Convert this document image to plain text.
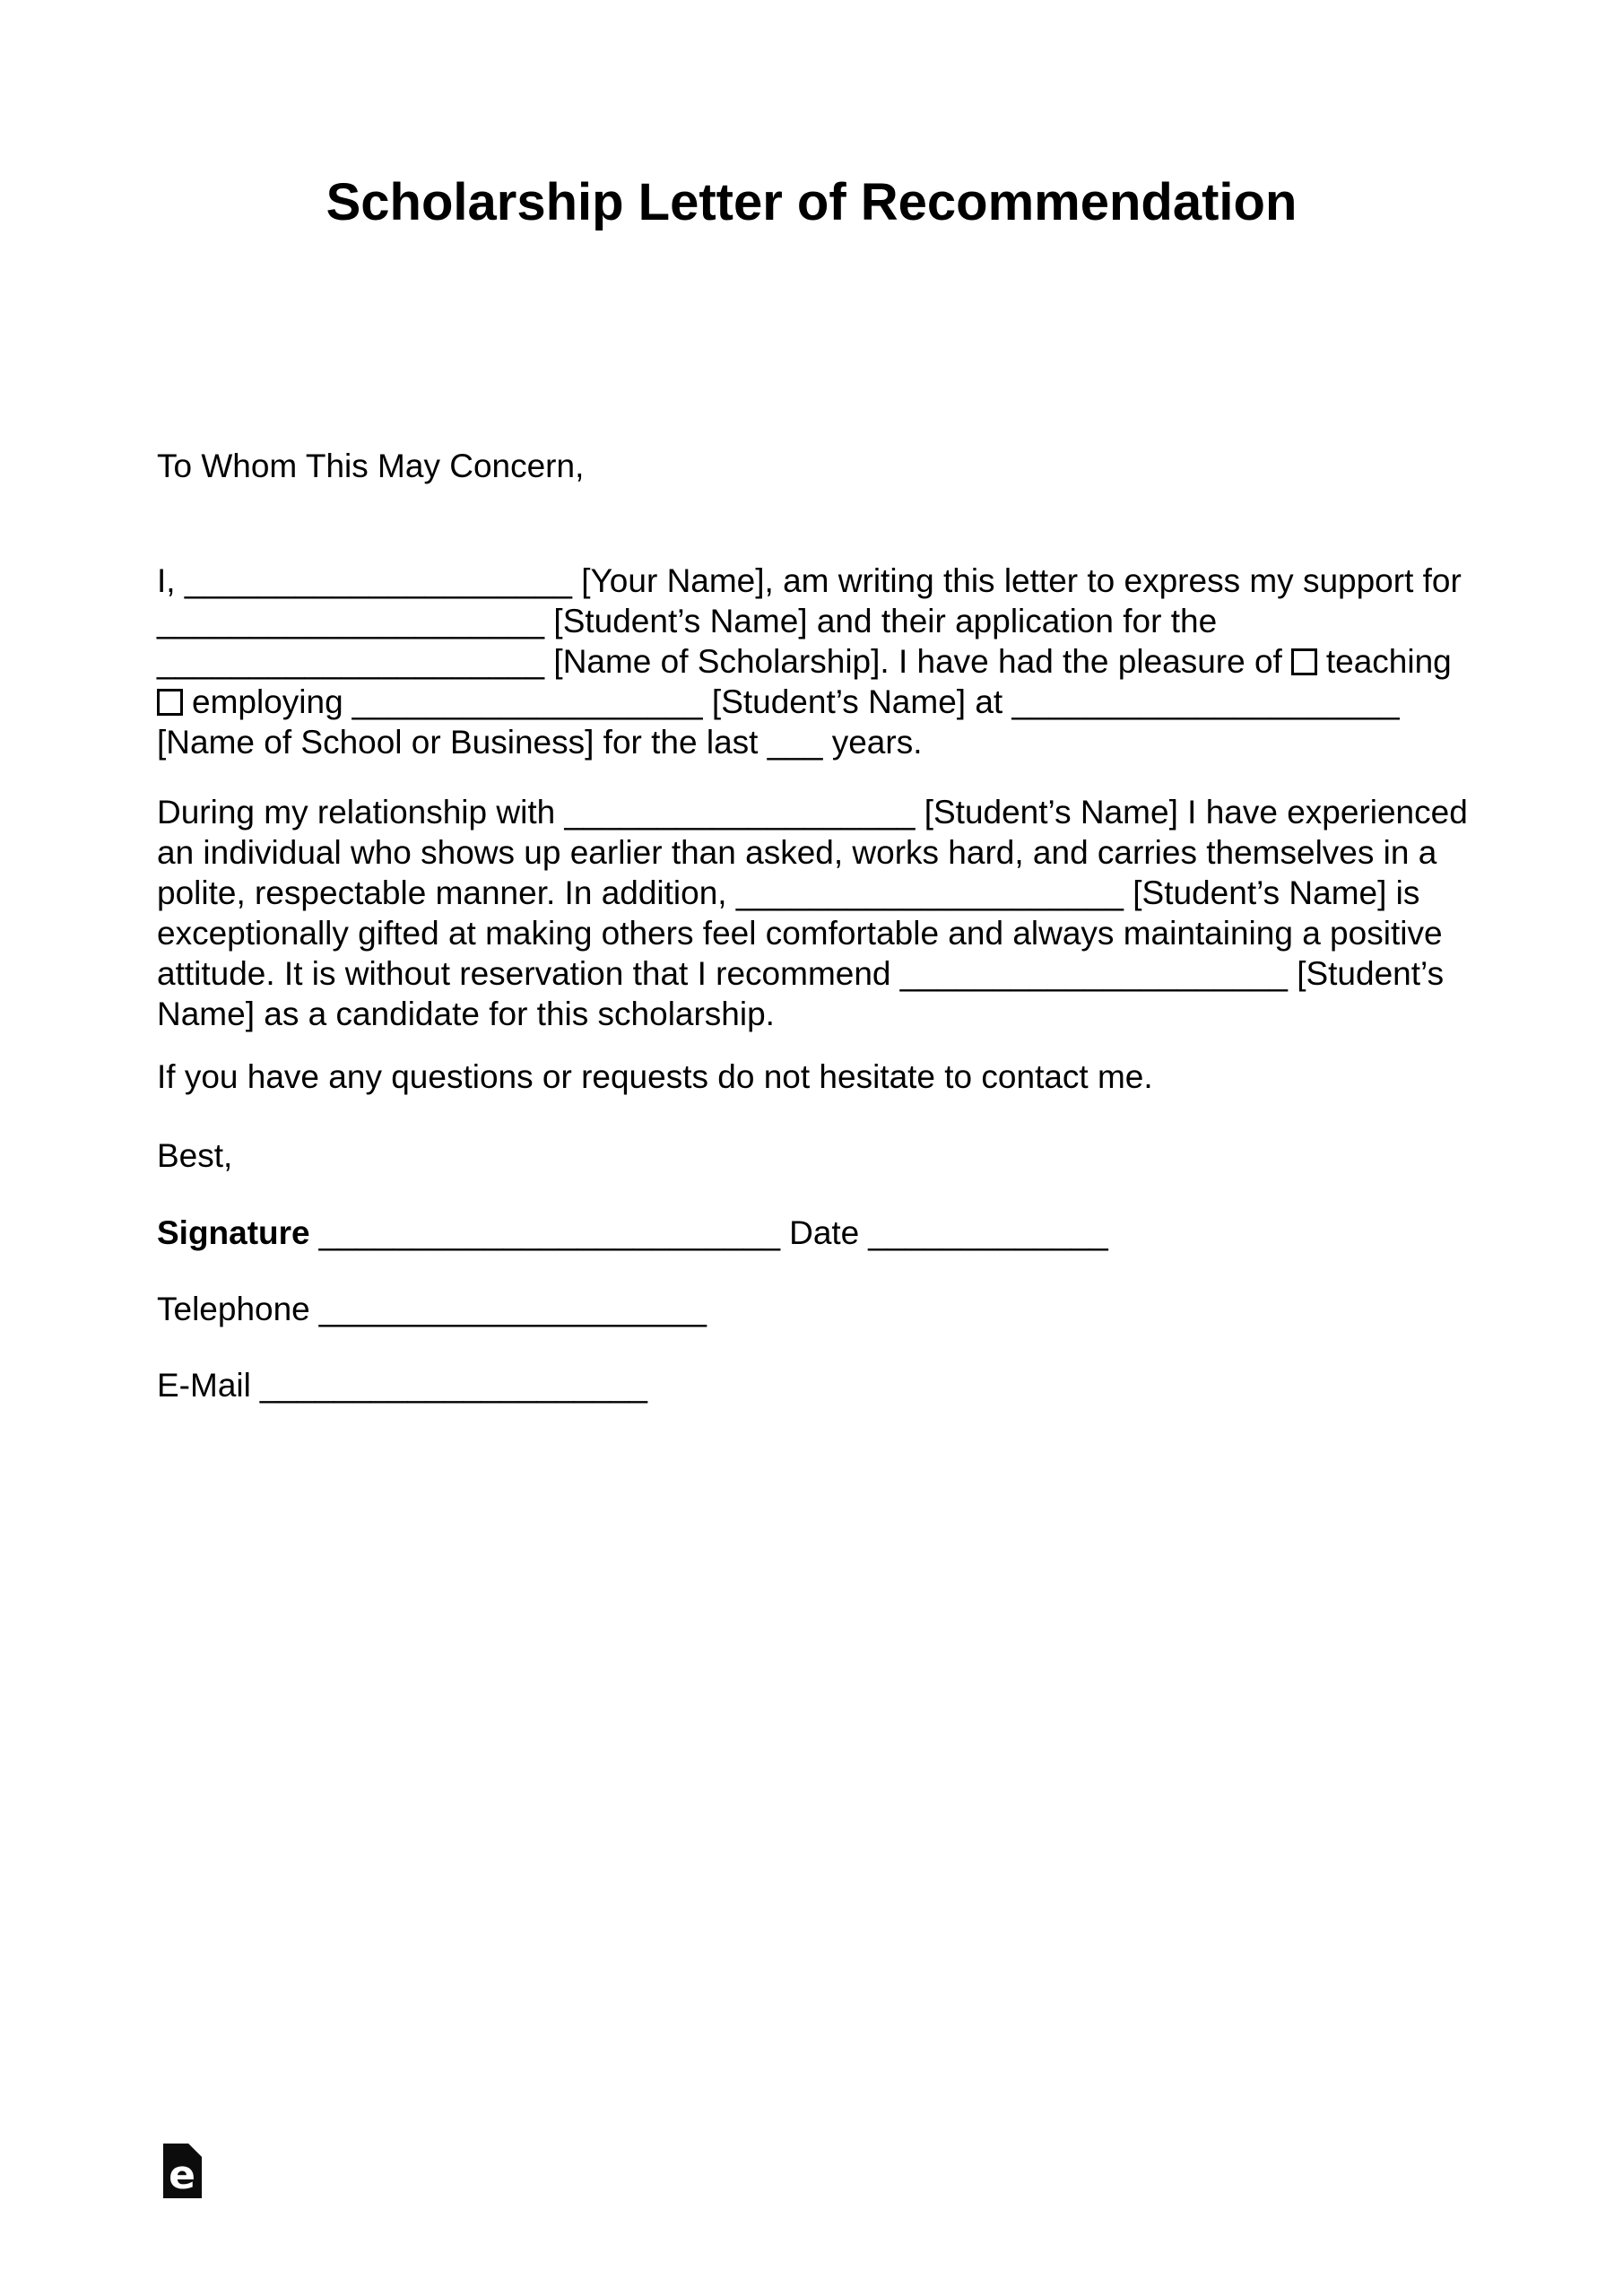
Scholarship Letter of Recommendation
To Whom This May Concern,
I, _____________________ [Your Name], am writing this letter to express my support for
_____________________ [Student’s Name] and their application for the
_____________________ [Name of Scholarship]. I have had the pleasure of teaching
employing ___________________ [Student’s Name] at _____________________
[Name of School or Business] for the last ___ years.
During my relationship with ___________________ [Student’s Name] I have experienced
an individual who shows up earlier than asked, works hard, and carries themselves in a
polite, respectable manner. In addition, _____________________ [Student’s Name] is
exceptionally gifted at making others feel comfortable and always maintaining a positive
attitude. It is without reservation that I recommend _____________________ [Student’s
Name] as a candidate for this scholarship.
If you have any questions or requests do not hesitate to contact me.
Best,
Signature _________________________ Date _____________
Telephone _____________________
E-Mail _____________________
e
